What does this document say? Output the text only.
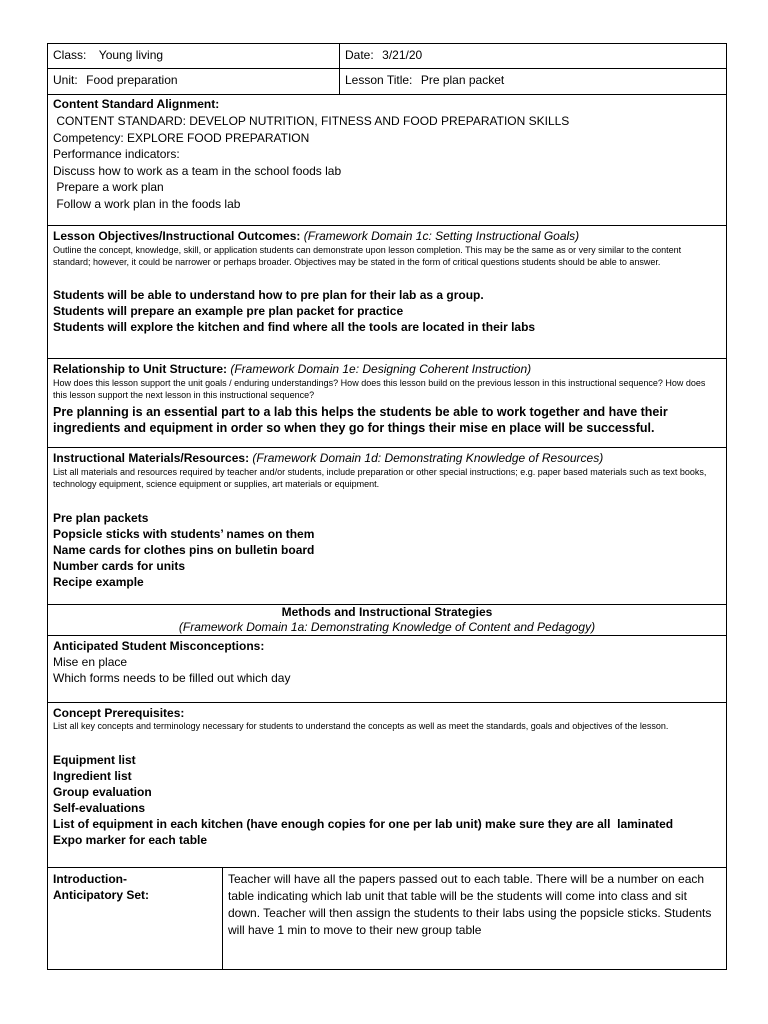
Class: Young living	Date: 3/21/20
Unit: Food preparation	Lesson Title: Pre plan packet
Content Standard Alignment:
CONTENT STANDARD: DEVELOP NUTRITION, FITNESS AND FOOD PREPARATION SKILLS
Competency: EXPLORE FOOD PREPARATION
Performance indicators:
Discuss how to work as a team in the school foods lab
Prepare a work plan
Follow a work plan in the foods lab
Lesson Objectives/Instructional Outcomes: (Framework Domain 1c: Setting Instructional Goals)
Outline the concept, knowledge, skill, or application students can demonstrate upon lesson completion. This may be the same as or very similar to the content standard; however, it could be narrower or perhaps broader. Objectives may be stated in the form of critical questions students should be able to answer.
Students will be able to understand how to pre plan for their lab as a group.
Students will prepare an example pre plan packet for practice
Students will explore the kitchen and find where all the tools are located in their labs
Relationship to Unit Structure: (Framework Domain 1e: Designing Coherent Instruction)
How does this lesson support the unit goals / enduring understandings? How does this lesson build on the previous lesson in this instructional sequence? How does this lesson support the next lesson in this instructional sequence?
Pre planning is an essential part to a lab this helps the students be able to work together and have their ingredients and equipment in order so when they go for things their mise en place will be successful.
Instructional Materials/Resources: (Framework Domain 1d: Demonstrating Knowledge of Resources)
List all materials and resources required by teacher and/or students, include preparation or other special instructions; e.g. paper based materials such as text books, technology equipment, science equipment or supplies, art materials or equipment.
Pre plan packets
Popsicle sticks with students’ names on them
Name cards for clothes pins on bulletin board
Number cards for units
Recipe example
Methods and Instructional Strategies
(Framework Domain 1a: Demonstrating Knowledge of Content and Pedagogy)
Anticipated Student Misconceptions:
Mise en place
Which forms needs to be filled out which day
Concept Prerequisites:
List all key concepts and terminology necessary for students to understand the concepts as well as meet the standards, goals and objectives of the lesson.
Equipment list
Ingredient list
Group evaluation
Self-evaluations
List of equipment in each kitchen (have enough copies for one per lab unit) make sure they are all  laminated
Expo marker for each table
Introduction-
Anticipatory Set:
Teacher will have all the papers passed out to each table. There will be a number on each table indicating which lab unit that table will be the students will come into class and sit down. Teacher will then assign the students to their labs using the popsicle sticks. Students will have 1 min to move to their new group table
